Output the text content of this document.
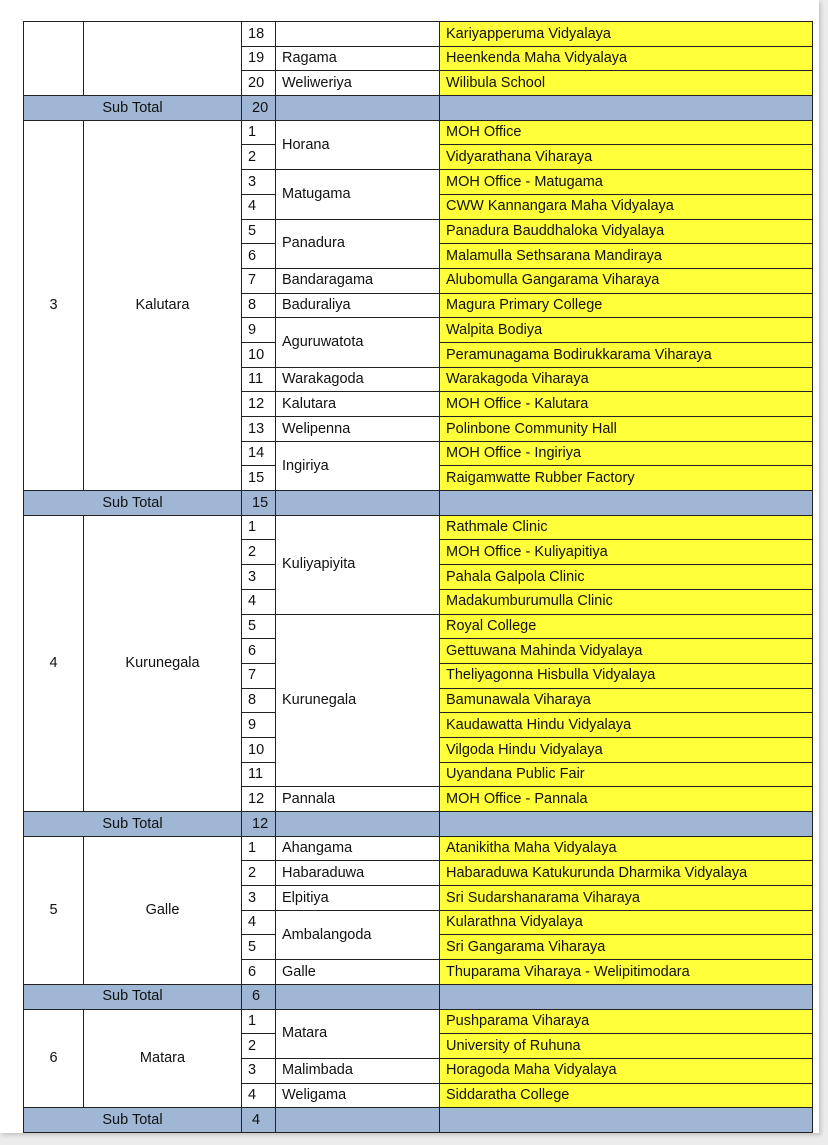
		18		Kariyapperuma Vidyalaya
		19	Ragama	Heenkenda Maha Vidyalaya
		20	Weliweriya	Wilibula School
Sub Total		20		
3	Kalutara	1	Horana	MOH Office
		2		Vidyarathana Viharaya
		3	Matugama	MOH Office - Matugama
		4		CWW Kannangara Maha Vidyalaya
		5	Panadura	Panadura Bauddhaloka Vidyalaya
		6		Malamulla Sethsarana Mandiraya
		7	Bandaragama	Alubomulla Gangarama Viharaya
		8	Baduraliya	Magura Primary College
		9	Aguruwatota	Walpita Bodiya
		10		Peramunagama Bodirukkarama Viharaya
		11	Warakagoda	Warakagoda Viharaya
		12	Kalutara	MOH Office - Kalutara
		13	Welipenna	Polinbone Community Hall
		14	Ingiriya	MOH Office - Ingiriya
		15		Raigamwatte Rubber Factory
Sub Total		15		
4	Kurunegala	1	Kuliyapiyita	Rathmale Clinic
		2		MOH Office - Kuliyapitiya
		3		Pahala Galpola Clinic
		4		Madakumburumulla Clinic
		5	Kurunegala	Royal College
		6		Gettuwana Mahinda Vidyalaya
		7		Theliyagonna Hisbulla Vidyalaya
		8		Bamunawala Viharaya
		9		Kaudawatta Hindu Vidyalaya
		10		Vilgoda Hindu Vidyalaya
		11		Uyandana Public Fair
		12	Pannala	MOH Office - Pannala
Sub Total		12		
5	Galle	1	Ahangama	Atanikitha Maha Vidyalaya
		2	Habaraduwa	Habaraduwa Katukurunda Dharmika Vidyalaya
		3	Elpitiya	Sri Sudarshanarama Viharaya
		4	Ambalangoda	Kularathna Vidyalaya
		5		Sri Gangarama Viharaya
		6	Galle	Thuparama Viharaya - Welipitimodara
Sub Total		6		
6	Matara	1	Matara	Pushparama Viharaya
		2		University of Ruhuna
		3	Malimbada	Horagoda Maha Vidyalaya
		4	Weligama	Siddaratha College
Sub Total		4		
